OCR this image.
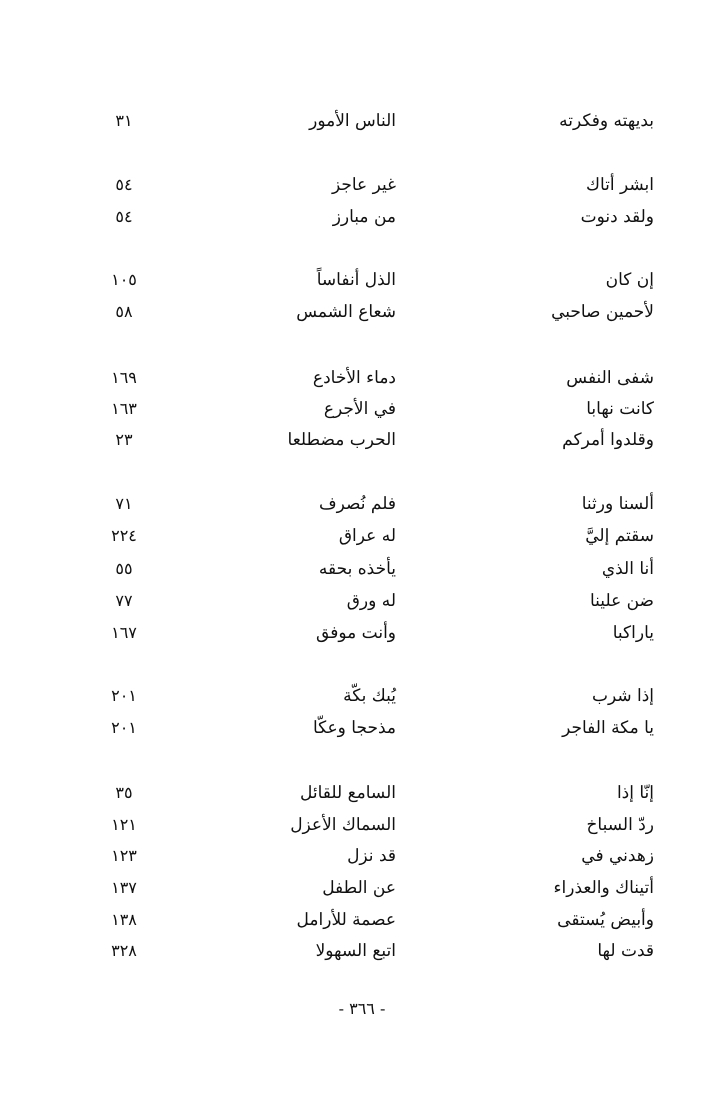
بديهته وفكرته
الناس الأمور
٣١
ابشر أتاك
غير عاجز
٥٤
ولقد دنوت
من مبارز
٥٤
إن كان
الذل أنفاساً
١٠٥
لأحمين صاحبي
شعاع الشمس
٥٨
شفى النفس
دماء الأخادع
١٦٩
كانت نهابا
في الأجرع
١٦٣
وقلدوا أمركم
الحرب مضطلعا
٢٣
ألسنا ورثنا
فلم نُصرف
٧١
سقتم إليَّ
له عراق
٢٢٤
أنا الذي
يأخذه بحقه
٥٥
ضن علينا
له ورق
٧٧
ياراكبا
وأنت موفق
١٦٧
إذا شرب
يُبك بكّة
٢٠١
يا مكة الفاجر
مذحجا وعكّا
٢٠١
إنّا إذا
السامع للقائل
٣٥
ردّ السباخ
السماك الأعزل
١٢١
زهدني في
قد نزل
١٢٣
أتيناك والعذراء
عن الطفل
١٣٧
وأبيض يُستقى
عصمة للأرامل
١٣٨
قدت لها
اتبع السهولا
٣٢٨
- ٣٦٦ -
